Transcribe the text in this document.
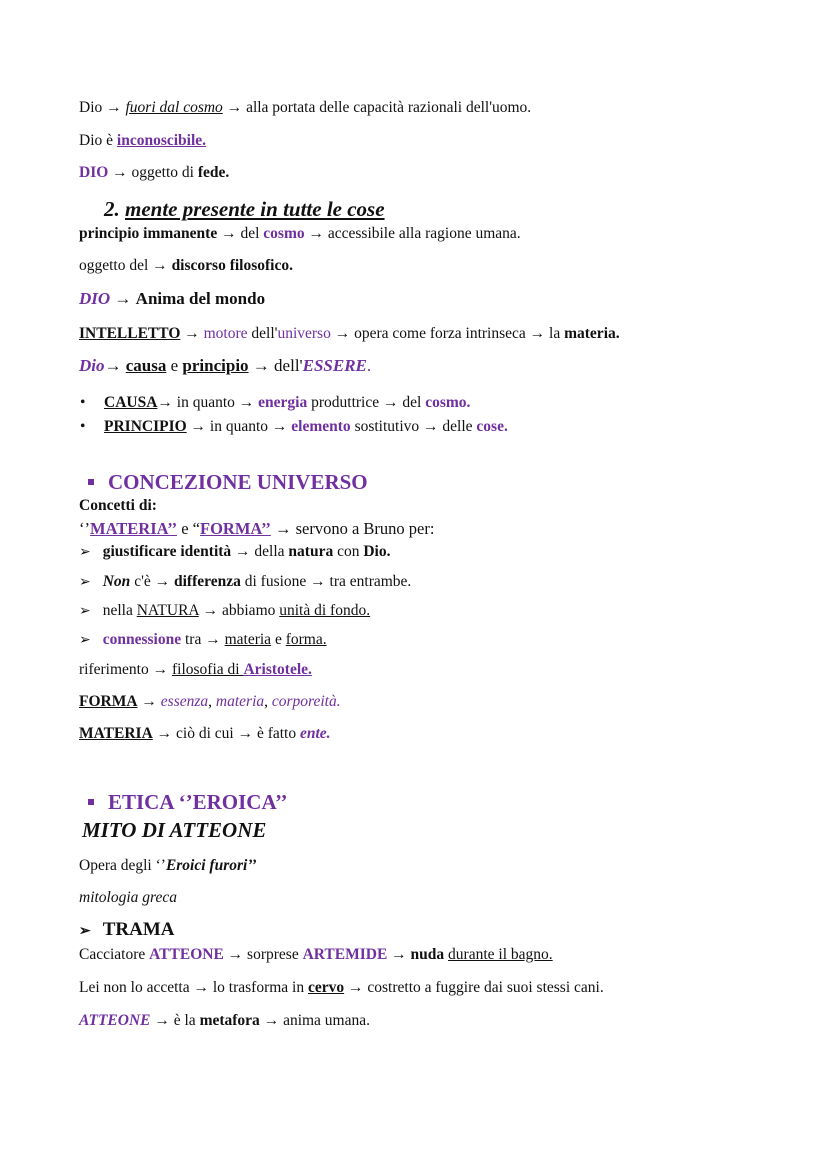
Dio → fuori dal cosmo → alla portata delle capacità razionali dell'uomo.
Dio è inconoscibile.
DIO → oggetto di fede.
2. mente presente in tutte le cose
principio immanente → del cosmo → accessibile alla ragione umana.
oggetto del → discorso filosofico.
DIO → Anima del mondo
INTELLETTO → motore dell'universo → opera come forza intrinseca → la materia.
Dio→ causa e principio → dell'ESSERE.
• CAUSA→ in quanto → energia produttrice → del cosmo.
• PRINCIPIO → in quanto → elemento sostitutivo → delle cose.
CONCEZIONE UNIVERSO
Concetti di:
‘’MATERIA’’ e “FORMA’’ → servono a Bruno per:
➢ giustificare identità → della natura con Dio.
➢ Non c'è → differenza di fusione → tra entrambe.
➢ nella NATURA → abbiamo unità di fondo.
➢ connessione tra → materia e forma.
riferimento → filosofia di Aristotele.
FORMA → essenza, materia, corporeità.
MATERIA → ciò di cui → è fatto ente.
ETICA ‘’EROICA’’
MITO DI ATTEONE
Opera degli ‘’Eroici furori’’
mitologia greca
➢ TRAMA
Cacciatore ATTEONE → sorprese ARTEMIDE → nuda durante il bagno.
Lei non lo accetta → lo trasforma in cervo → costretto a fuggire dai suoi stessi cani.
ATTEONE → è la metafora → anima umana.
